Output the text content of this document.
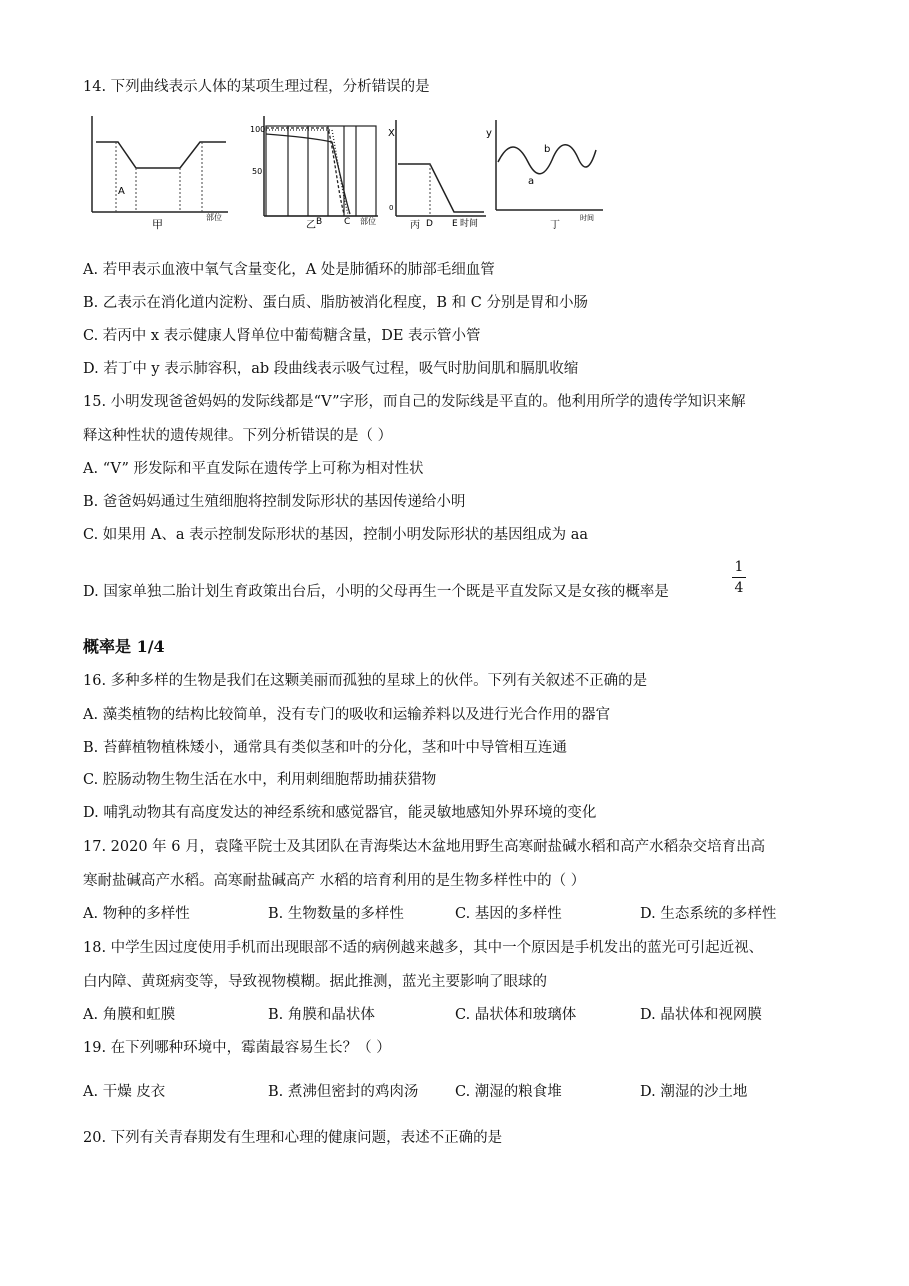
14. 下列曲线表示人体的某项生理过程，分析错误的是
A
甲
部位
100
50
B C
乙	部位
X
0
D E 时间
丙
y
a
b
丁
时间
A. 若甲表示血液中氧气含量变化，A 处是肺循环的肺部毛细血管
B. 乙表示在消化道内淀粉、蛋白质、脂肪被消化程度，B 和 C 分别是胃和小肠
C. 若丙中 x 表示健康人肾单位中葡萄糖含量，DE 表示管小管
D. 若丁中 y 表示肺容积，ab 段曲线表示吸气过程，吸气时肋间肌和膈肌收缩
15. 小明发现爸爸妈妈的发际线都是“V”字形，而自己的发际线是平直的。他利用所学的遗传学知识来解
释这种性状的遗传规律。下列分析错误的是（ ）
A. “V” 形发际和平直发际在遗传学上可称为相对性状
B. 爸爸妈妈通过生殖细胞将控制发际形状的基因传递给小明
C. 如果用 A、a 表示控制发际形状的基因，控制小明发际形状的基因组成为 aa
D. 国家单独二胎计划生育政策出台后，小明的父母再生一个既是平直发际又是女孩的概率是
1
4
概率是 1/4
16. 多种多样的生物是我们在这颗美丽而孤独的星球上的伙伴。下列有关叙述不正确的是
A. 藻类植物的结构比较简单，没有专门的吸收和运输养料以及进行光合作用的器官
B. 苔藓植物植株矮小，通常具有类似茎和叶的分化，茎和叶中导管相互连通
C. 腔肠动物生物生活在水中，利用刺细胞帮助捕获猎物
D. 哺乳动物其有高度发达的神经系统和感觉器官，能灵敏地感知外界环境的变化
17. 2020 年 6 月，袁隆平院士及其团队在青海柴达木盆地用野生高寒耐盐碱水稻和高产水稻杂交培育出高
寒耐盐碱高产水稻。高寒耐盐碱高产 水稻的培育利用的是生物多样性中的（ ）
A. 物种的多样性	B. 生物数量的多样性	C. 基因的多样性	D. 生态系统的多样性
18. 中学生因过度使用手机而出现眼部不适的病例越来越多，其中一个原因是手机发出的蓝光可引起近视、
白内障、黄斑病变等，导致视物模糊。据此推测，蓝光主要影响了眼球的
A. 角膜和虹膜	B. 角膜和晶状体	C. 晶状体和玻璃体	D. 晶状体和视网膜
19. 在下列哪种环境中，霉菌最容易生长？（ ）
A. 干燥 皮衣	B. 煮沸但密封的鸡肉汤	C. 潮湿的粮食堆	D. 潮湿的沙土地
20. 下列有关青春期发有生理和心理的健康问题，表述不正确的是
